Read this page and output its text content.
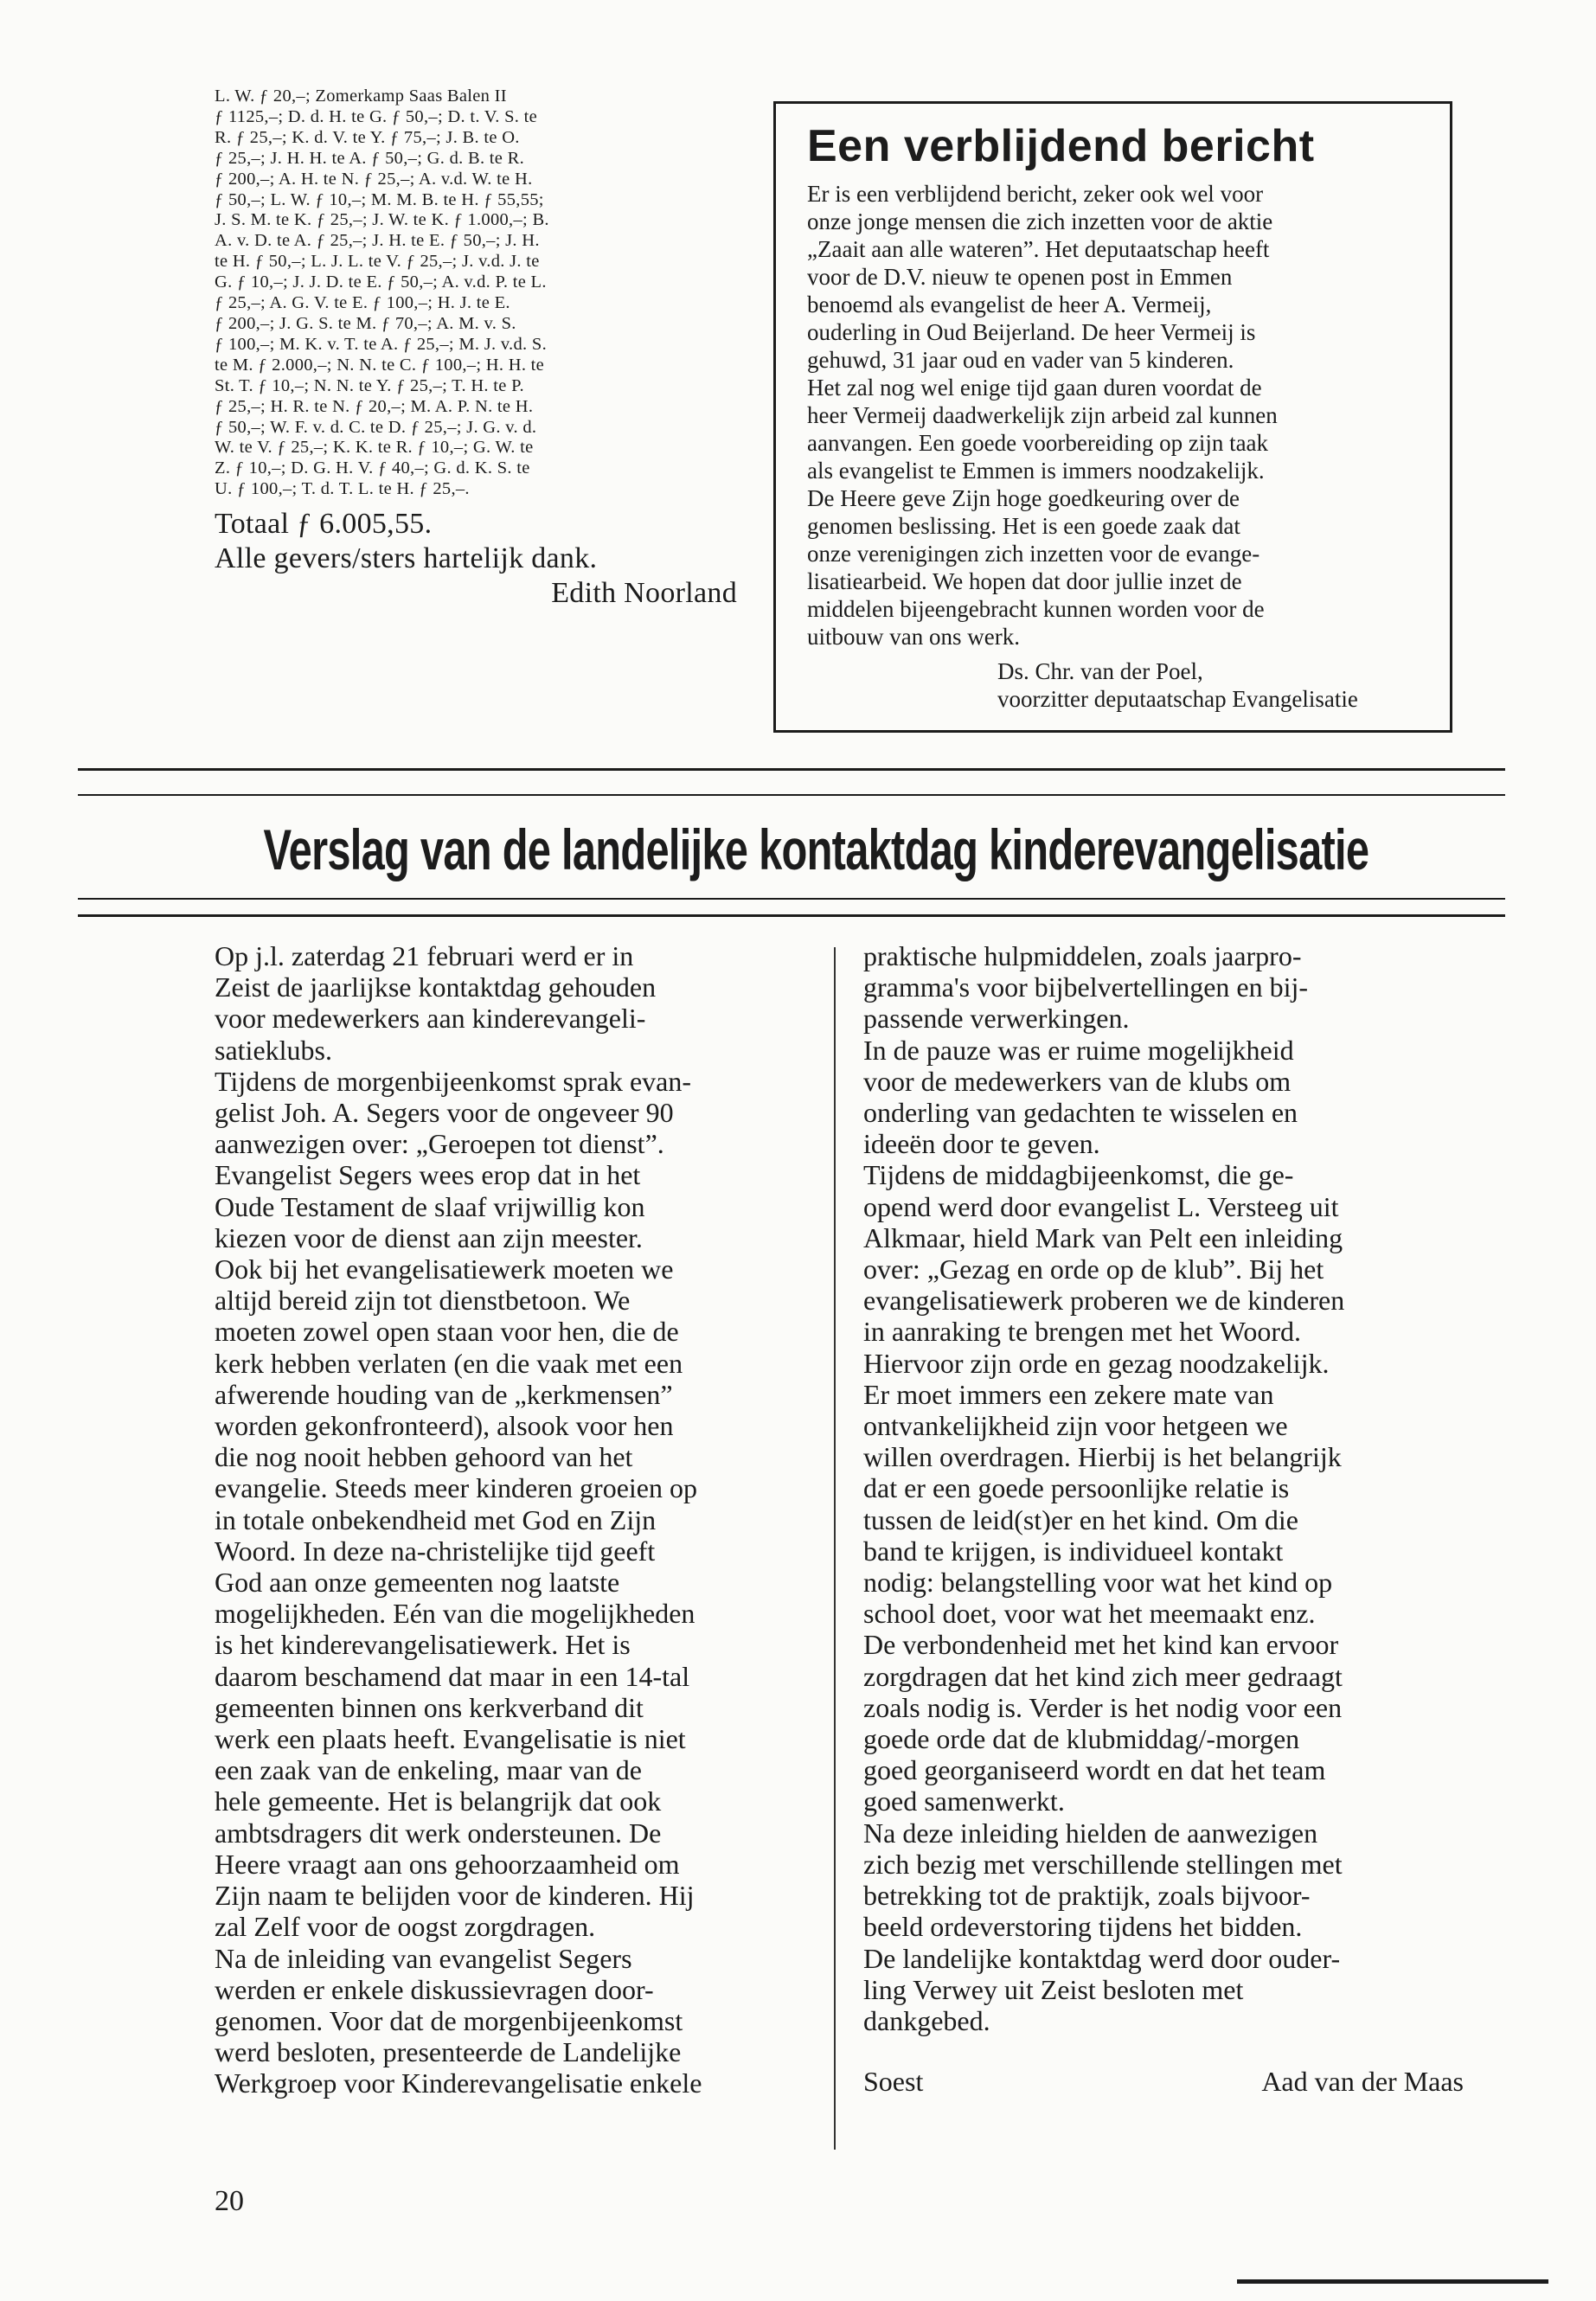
L. W. ƒ 20,–; Zomerkamp Saas Balen II
ƒ 1125,–; D. d. H. te G. ƒ 50,–; D. t. V. S. te
R. ƒ 25,–; K. d. V. te Y. ƒ 75,–; J. B. te O.
ƒ 25,–; J. H. H. te A. ƒ 50,–; G. d. B. te R.
ƒ 200,–; A. H. te N. ƒ 25,–; A. v.d. W. te H.
ƒ 50,–; L. W. ƒ 10,–; M. M. B. te H. ƒ 55,55;
J. S. M. te K. ƒ 25,–; J. W. te K. ƒ 1.000,–; B.
A. v. D. te A. ƒ 25,–; J. H. te E. ƒ 50,–; J. H.
te H. ƒ 50,–; L. J. L. te V. ƒ 25,–; J. v.d. J. te
G. ƒ 10,–; J. J. D. te E. ƒ 50,–; A. v.d. P. te L.
ƒ 25,–; A. G. V. te E. ƒ 100,–; H. J. te E.
ƒ 200,–; J. G. S. te M. ƒ 70,–; A. M. v. S.
ƒ 100,–; M. K. v. T. te A. ƒ 25,–; M. J. v.d. S.
te M. ƒ 2.000,–; N. N. te C. ƒ 100,–; H. H. te
St. T. ƒ 10,–; N. N. te Y. ƒ 25,–; T. H. te P.
ƒ 25,–; H. R. te N. ƒ 20,–; M. A. P. N. te H.
ƒ 50,–; W. F. v. d. C. te D. ƒ 25,–; J. G. v. d.
W. te V. ƒ 25,–; K. K. te R. ƒ 10,–; G. W. te
Z. ƒ 10,–; D. G. H. V. ƒ 40,–; G. d. K. S. te
U. ƒ 100,–; T. d. T. L. te H. ƒ 25,–.
Totaal ƒ 6.005,55.
Alle gevers/sters hartelijk dank.
Edith Noorland
Een verblijdend bericht
Er is een verblijdend bericht, zeker ook wel voor
onze jonge mensen die zich inzetten voor de aktie
„Zaait aan alle wateren”. Het deputaatschap heeft
voor de D.V. nieuw te openen post in Emmen
benoemd als evangelist de heer A. Vermeij,
ouderling in Oud Beijerland. De heer Vermeij is
gehuwd, 31 jaar oud en vader van 5 kinderen.
Het zal nog wel enige tijd gaan duren voordat de
heer Vermeij daadwerkelijk zijn arbeid zal kunnen
aanvangen. Een goede voorbereiding op zijn taak
als evangelist te Emmen is immers noodzakelijk.
De Heere geve Zijn hoge goedkeuring over de
genomen beslissing. Het is een goede zaak dat
onze verenigingen zich inzetten voor de evange-
lisatiearbeid. We hopen dat door jullie inzet de
middelen bijeengebracht kunnen worden voor de
uitbouw van ons werk.
Ds. Chr. van der Poel,
voorzitter deputaatschap Evangelisatie
Verslag van de landelijke kontaktdag kinderevangelisatie
Op j.l. zaterdag 21 februari werd er in
Zeist de jaarlijkse kontaktdag gehouden
voor medewerkers aan kinderevangeli-
satieklubs.
Tijdens de morgenbijeenkomst sprak evan-
gelist Joh. A. Segers voor de ongeveer 90
aanwezigen over: „Geroepen tot dienst”.
Evangelist Segers wees erop dat in het
Oude Testament de slaaf vrijwillig kon
kiezen voor de dienst aan zijn meester.
Ook bij het evangelisatiewerk moeten we
altijd bereid zijn tot dienstbetoon. We
moeten zowel open staan voor hen, die de
kerk hebben verlaten (en die vaak met een
afwerende houding van de „kerkmensen”
worden gekonfronteerd), alsook voor hen
die nog nooit hebben gehoord van het
evangelie. Steeds meer kinderen groeien op
in totale onbekendheid met God en Zijn
Woord. In deze na-christelijke tijd geeft
God aan onze gemeenten nog laatste
mogelijkheden. Eén van die mogelijkheden
is het kinderevangelisatiewerk. Het is
daarom beschamend dat maar in een 14-tal
gemeenten binnen ons kerkverband dit
werk een plaats heeft. Evangelisatie is niet
een zaak van de enkeling, maar van de
hele gemeente. Het is belangrijk dat ook
ambtsdragers dit werk ondersteunen. De
Heere vraagt aan ons gehoorzaamheid om
Zijn naam te belijden voor de kinderen. Hij
zal Zelf voor de oogst zorgdragen.
Na de inleiding van evangelist Segers
werden er enkele diskussievragen door-
genomen. Voor dat de morgenbijeenkomst
werd besloten, presenteerde de Landelijke
Werkgroep voor Kinderevangelisatie enkele
praktische hulpmiddelen, zoals jaarpro-
gramma's voor bijbelvertellingen en bij-
passende verwerkingen.
In de pauze was er ruime mogelijkheid
voor de medewerkers van de klubs om
onderling van gedachten te wisselen en
ideeën door te geven.
Tijdens de middagbijeenkomst, die ge-
opend werd door evangelist L. Versteeg uit
Alkmaar, hield Mark van Pelt een inleiding
over: „Gezag en orde op de klub”. Bij het
evangelisatiewerk proberen we de kinderen
in aanraking te brengen met het Woord.
Hiervoor zijn orde en gezag noodzakelijk.
Er moet immers een zekere mate van
ontvankelijkheid zijn voor hetgeen we
willen overdragen. Hierbij is het belangrijk
dat er een goede persoonlijke relatie is
tussen de leid(st)er en het kind. Om die
band te krijgen, is individueel kontakt
nodig: belangstelling voor wat het kind op
school doet, voor wat het meemaakt enz.
De verbondenheid met het kind kan ervoor
zorgdragen dat het kind zich meer gedraagt
zoals nodig is. Verder is het nodig voor een
goede orde dat de klubmiddag/-morgen
goed georganiseerd wordt en dat het team
goed samenwerkt.
Na deze inleiding hielden de aanwezigen
zich bezig met verschillende stellingen met
betrekking tot de praktijk, zoals bijvoor-
beeld ordeverstoring tijdens het bidden.
De landelijke kontaktdag werd door ouder-
ling Verwey uit Zeist besloten met
dankgebed.
Soest	Aad van der Maas
20
